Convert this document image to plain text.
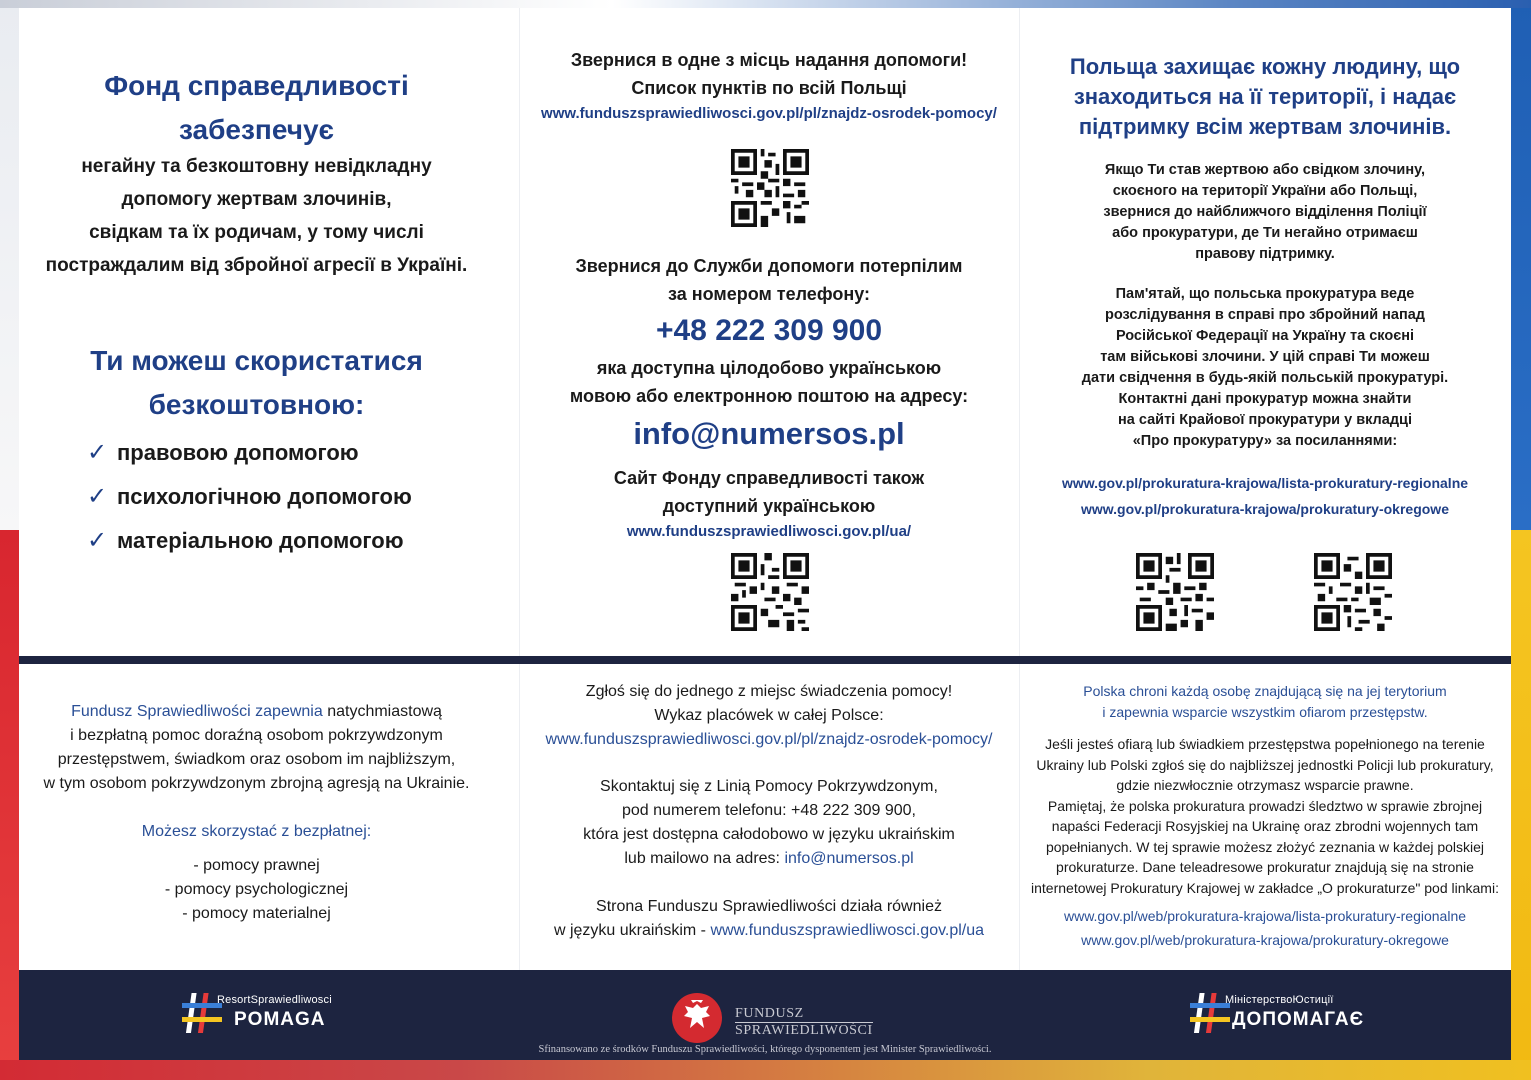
Фонд справедливості
забезпечує
негайну та безкоштовну невідкладну
допомогу жертвам злочинів,
свідкам та їх родичам, у тому числі
постраждалим від збройної агресії в Україні.
Ти можеш скористатися
безкоштовною:
✓ правовою допомогою
✓ психологічною допомогою
✓ матеріальною допомогою
Звернися в одне з місць надання допомоги!
Список пунктів по всій Польщі
www.funduszsprawiedliwosci.gov.pl/pl/znajdz-osrodek-pomocy/
Звернися до Служби допомоги потерпілим
за номером телефону:
+48 222 309 900
яка доступна цілодобово українською
мовою або електронною поштою на адресу:
info@numersos.pl
Сайт Фонду справедливості також
доступний українською
www.funduszsprawiedliwosci.gov.pl/ua/
Польща захищає кожну людину, що
знаходиться на її території, і надає
підтримку всім жертвам злочинів.
Якщо Ти став жертвою або свідком злочину,
скоєного на території України або Польщі,
звернися до найближчого відділення Поліції
або прокуратури, де Ти негайно отримаєш
правову підтримку.
Пам'ятай, що польська прокуратура веде
розслідування в справі про збройний напад
Російської Федерації на Україну та скоєні
там військові злочини. У цій справі Ти можеш
дати свідчення в будь-якій польській прокуратурі.
Контактні дані прокуратур можна знайти
на сайті Крайової прокуратури у вкладці
«Про прокуратуру» за посиланнями:
www.gov.pl/prokuratura-krajowa/lista-prokuratury-regionalne
www.gov.pl/prokuratura-krajowa/prokuratury-okregowe
Fundusz Sprawiedliwości zapewnia natychmiastową
i bezpłatną pomoc doraźną osobom pokrzywdzonym
przestępstwem, świadkom oraz osobom im najbliższym,
w tym osobom pokrzywdzonym zbrojną agresją na Ukrainie.
Możesz skorzystać z bezpłatnej:
- pomocy prawnej
- pomocy psychologicznej
- pomocy materialnej
Zgłoś się do jednego z miejsc świadczenia pomocy!
Wykaz placówek w całej Polsce:
www.funduszsprawiedliwosci.gov.pl/pl/znajdz-osrodek-pomocy/
Skontaktuj się z Linią Pomocy Pokrzywdzonym,
pod numerem telefonu: +48 222 309 900,
która jest dostępna całodobowo w języku ukraińskim
lub mailowo na adres: info@numersos.pl
Strona Funduszu Sprawiedliwości działa również
w języku ukraińskim - www.funduszsprawiedliwosci.gov.pl/ua
Polska chroni każdą osobę znajdującą się na jej terytorium
i zapewnia wsparcie wszystkim ofiarom przestępstw.
Jeśli jesteś ofiarą lub świadkiem przestępstwa popełnionego na terenie
Ukrainy lub Polski zgłoś się do najbliższej jednostki Policji lub prokuratury,
gdzie niezwłocznie otrzymasz wsparcie prawne.
Pamiętaj, że polska prokuratura prowadzi śledztwo w sprawie zbrojnej
napaści Federacji Rosyjskiej na Ukrainę oraz zbrodni wojennych tam
popełnianych. W tej sprawie możesz złożyć zeznania w każdej polskiej
prokuraturze. Dane teleadresowe prokuratur znajdują się na stronie
internetowej Prokuratury Krajowej w zakładce „O prokuraturze" pod linkami:
www.gov.pl/web/prokuratura-krajowa/lista-prokuratury-regionalne
www.gov.pl/web/prokuratura-krajowa/prokuratury-okregowe
ResortSprawiedliwosci
POMAGA	FUNDUSZ
SPRAWIEDLIWOŚCI
МіністерствоЮстиції
ДОПОМАГАЄ
Sfinansowano ze środków Funduszu Sprawiedliwości, którego dysponentem jest Minister Sprawiedliwości.
